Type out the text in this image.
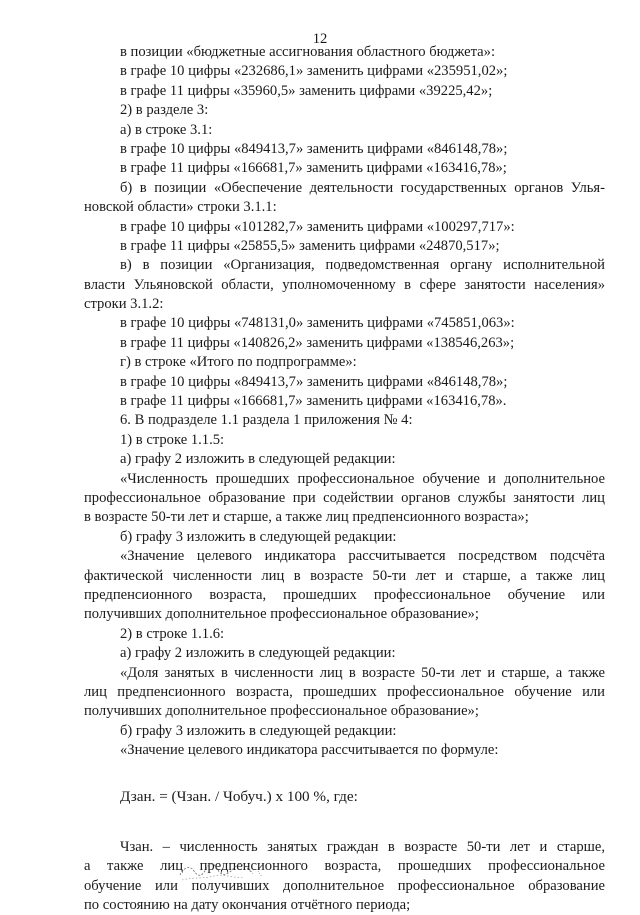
12
в позиции «бюджетные ассигнования областного бюджета»:
в графе 10 цифры «232686,1» заменить цифрами «235951,02»;
в графе 11 цифры «35960,5» заменить цифрами «39225,42»;
2) в разделе 3:
а) в строке 3.1:
в графе 10 цифры «849413,7» заменить цифрами «846148,78»;
в графе 11 цифры «166681,7» заменить цифрами «163416,78»;
б) в позиции «Обеспечение деятельности государственных органов Улья-
новской области» строки 3.1.1:
в графе 10 цифры «101282,7» заменить цифрами «100297,717»:
в графе 11 цифры «25855,5» заменить цифрами «24870,517»;
в) в позиции «Организация, подведомственная органу исполнительной
власти Ульяновской области, уполномоченному в сфере занятости населения»
строки 3.1.2:
в графе 10 цифры «748131,0» заменить цифрами «745851,063»:
в графе 11 цифры «140826,2» заменить цифрами «138546,263»;
г) в строке «Итого по подпрограмме»:
в графе 10 цифры «849413,7» заменить цифрами «846148,78»;
в графе 11 цифры «166681,7» заменить цифрами «163416,78».
6. В подразделе 1.1 раздела 1 приложения № 4:
1) в строке 1.1.5:
а) графу 2 изложить в следующей редакции:
«Численность прошедших профессиональное обучение и дополнительное
профессиональное образование при содействии органов службы занятости лиц
в возрасте 50-ти лет и старше, а также лиц предпенсионного возраста»;
б) графу 3 изложить в следующей редакции:
«Значение целевого индикатора рассчитывается посредством подсчёта
фактической численности лиц в возрасте 50-ти лет и старше, а также лиц
предпенсионного возраста, прошедших профессиональное обучение или
получивших дополнительное профессиональное образование»;
2) в строке 1.1.6:
а) графу 2 изложить в следующей редакции:
«Доля занятых в численности лиц в возрасте 50-ти лет и старше, а также
лиц предпенсионного возраста, прошедших профессиональное обучение или
получивших дополнительное профессиональное образование»;
б) графу 3 изложить в следующей редакции:
«Значение целевого индикатора рассчитывается по формуле:
Дзан. = (Чзан. / Чобуч.) х 100 %, где:
Чзан. – численность занятых граждан в возрасте 50-ти лет и старше,
а также лиц предпенсионного возраста, прошедших профессиональное
обучение или получивших дополнительное профессиональное образование
по состоянию на дату окончания отчётного периода;
